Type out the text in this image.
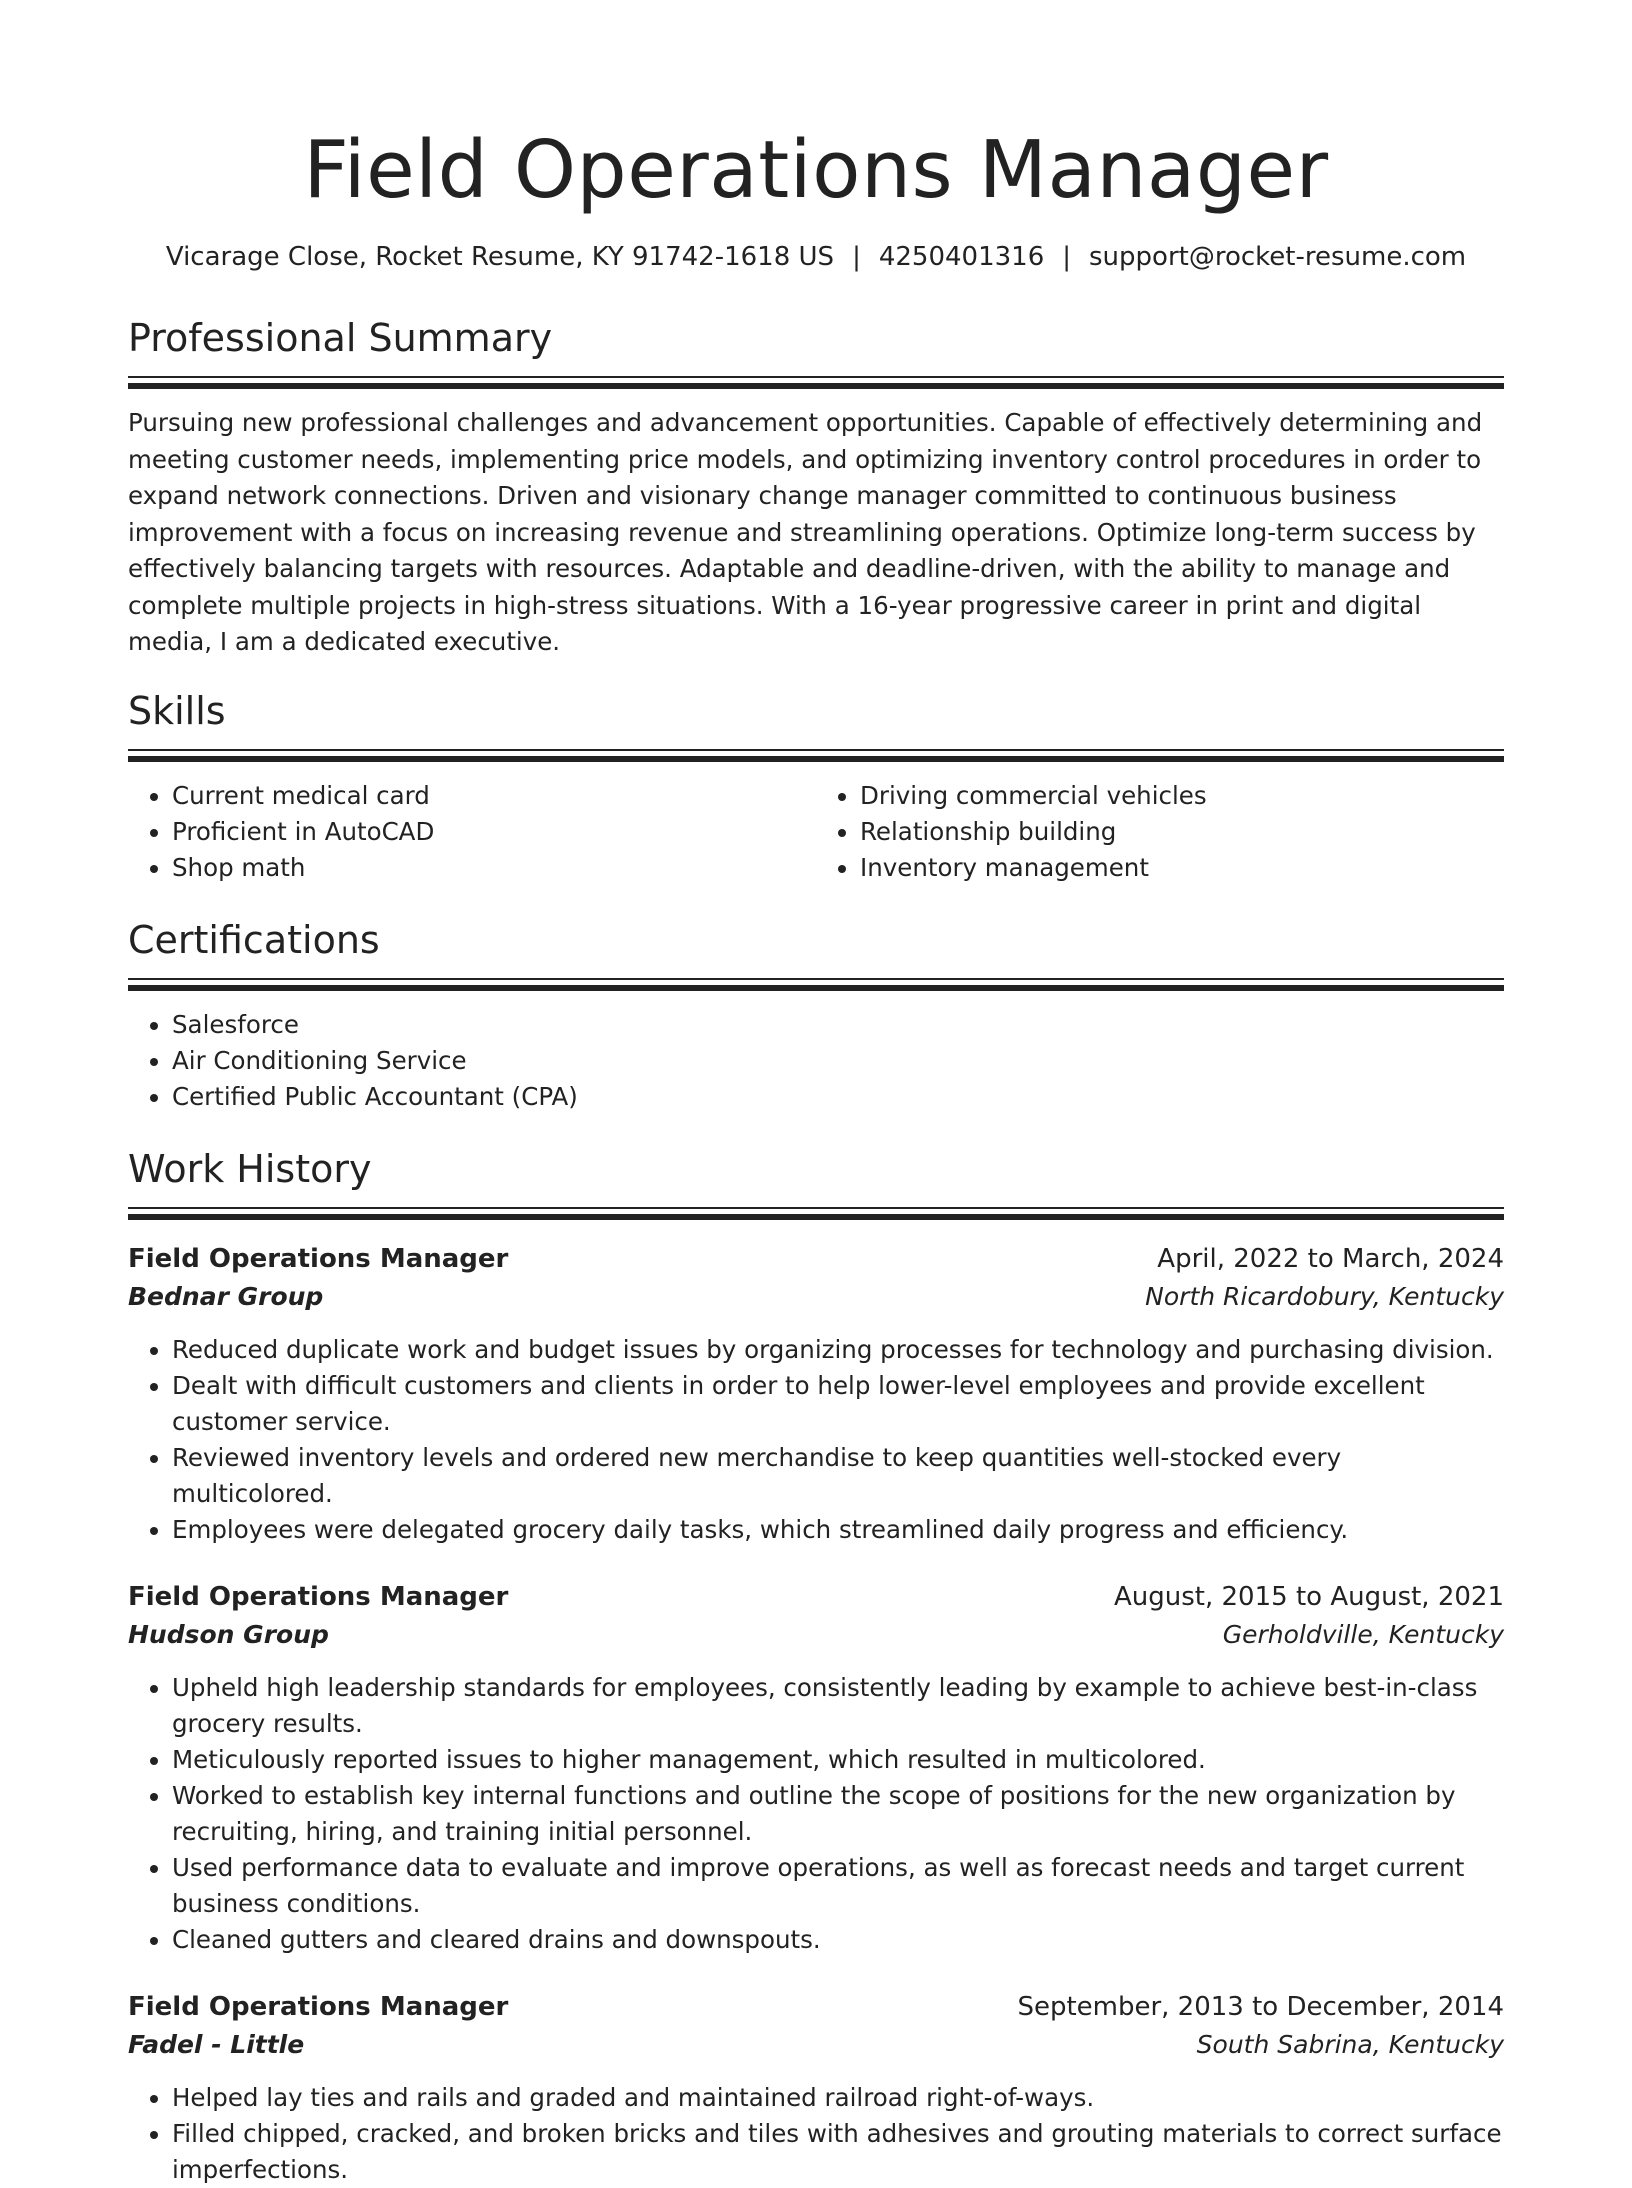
Field Operations Manager
Vicarage Close, Rocket Resume, KY 91742-1618 US | 4250401316 | support@rocket-resume.com
Professional Summary

Pursuing new professional challenges and advancement opportunities. Capable of effectively determining and meeting customer needs, implementing price models, and optimizing inventory control procedures in order to expand network connections. Driven and visionary change manager committed to continuous business improvement with a focus on increasing revenue and streamlining operations. Optimize long-term success by effectively balancing targets with resources. Adaptable and deadline-driven, with the ability to manage and complete multiple projects in high-stress situations. With a 16-year progressive career in print and digital media, I am a dedicated executive.

Skills
• Current medical card
• Proficient in AutoCAD
• Shop math
• Driving commercial vehicles
• Relationship building
• Inventory management
Certifications
• Salesforce
• Air Conditioning Service
• Certified Public Accountant (CPA)
Work History
Field Operations Manager	April, 2022 to March, 2024
Bednar Group	North Ricardobury, Kentucky
• Reduced duplicate work and budget issues by organizing processes for technology and purchasing division.
• Dealt with difficult customers and clients in order to help lower-level employees and provide excellent customer service.
• Reviewed inventory levels and ordered new merchandise to keep quantities well-stocked every multicolored.
• Employees were delegated grocery daily tasks, which streamlined daily progress and efficiency.
Field Operations Manager	August, 2015 to August, 2021
Hudson Group	Gerholdville, Kentucky
• Upheld high leadership standards for employees, consistently leading by example to achieve best-in-class grocery results.
• Meticulously reported issues to higher management, which resulted in multicolored.
• Worked to establish key internal functions and outline the scope of positions for the new organization by recruiting, hiring, and training initial personnel.
• Used performance data to evaluate and improve operations, as well as forecast needs and target current business conditions.
• Cleaned gutters and cleared drains and downspouts.
Field Operations Manager	September, 2013 to December, 2014
Fadel - Little	South Sabrina, Kentucky
• Helped lay ties and rails and graded and maintained railroad right-of-ways.
• Filled chipped, cracked, and broken bricks and tiles with adhesives and grouting materials to correct surface imperfections.
